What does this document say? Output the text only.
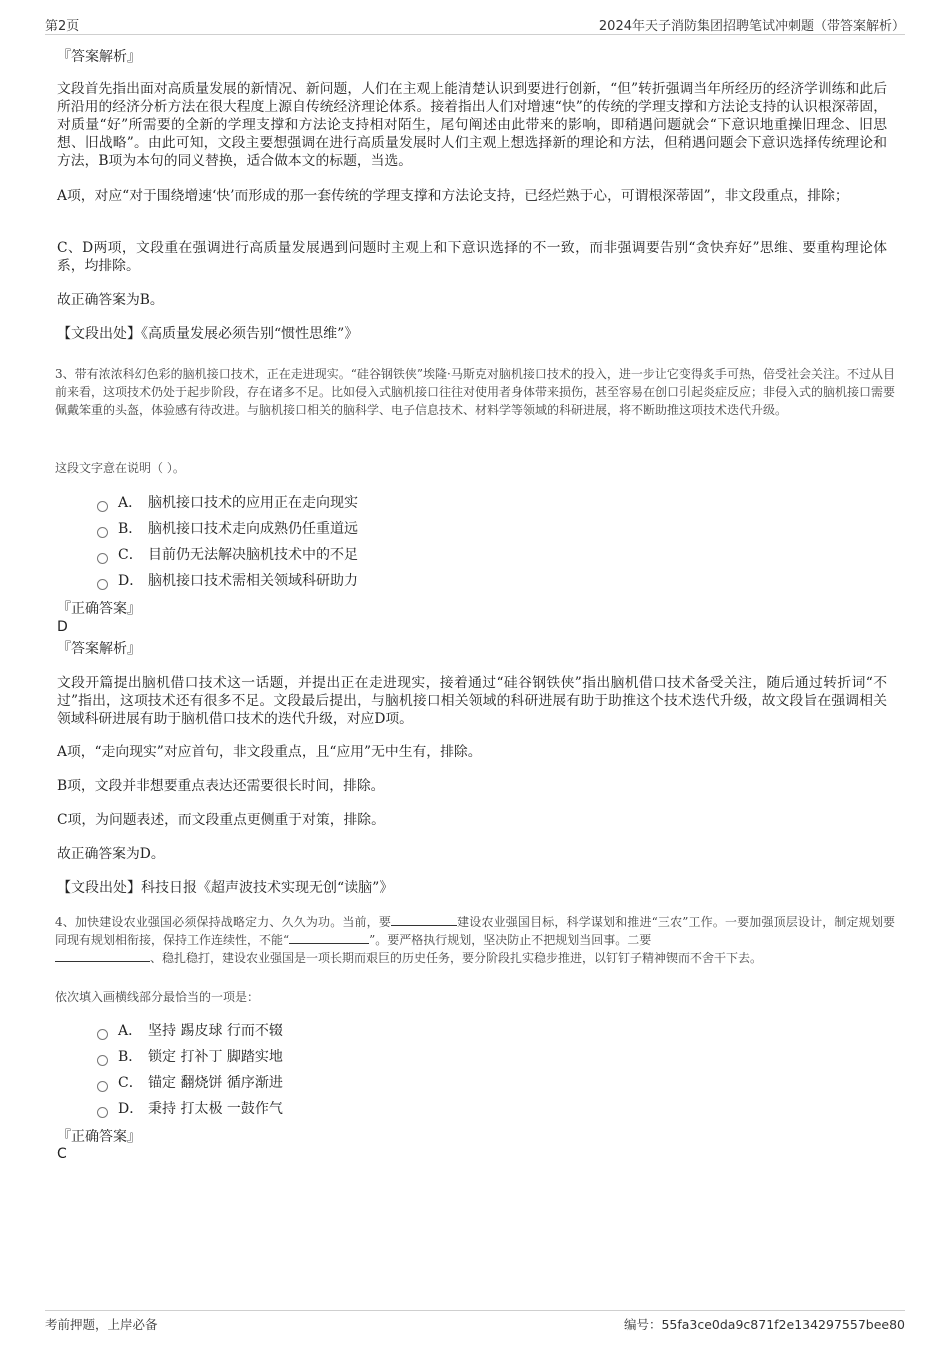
第2页	2024年天子消防集团招聘笔试冲刺题（带答案解析）
『答案解析』
文段首先指出面对高质量发展的新情况、新问题，人们在主观上能清楚认识到要进行创新，“但”转折强调当年所经历的经济学训练和此后所沿用的经济分析方法在很大程度上源自传统经济理论体系。接着指出人们对增速“快”的传统的学理支撑和方法论支持的认识根深蒂固，对质量“好”所需要的全新的学理支撑和方法论支持相对陌生，尾句阐述由此带来的影响，即稍遇问题就会“下意识地重操旧理念、旧思想、旧战略”。由此可知，文段主要想强调在进行高质量发展时人们主观上想选择新的理论和方法，但稍遇问题会下意识选择传统理论和方法，B项为本句的同义替换，适合做本文的标题，当选。
A项，对应“对于围绕增速‘快’而形成的那一套传统的学理支撑和方法论支持，已经烂熟于心，可谓根深蒂固”，非文段重点，排除；
C、D两项，文段重在强调进行高质量发展遇到问题时主观上和下意识选择的不一致，而非强调要告别“贪快弃好”思维、要重构理论体系，均排除。
故正确答案为B。
【文段出处】《高质量发展必须告别“惯性思维”》
3、带有浓浓科幻色彩的脑机接口技术，正在走进现实。“硅谷钢铁侠”埃隆·马斯克对脑机接口技术的投入，进一步让它变得炙手可热，倍受社会关注。不过从目前来看，这项技术仍处于起步阶段，存在诸多不足。比如侵入式脑机接口往往对使用者身体带来损伤，甚至容易在创口引起炎症反应；非侵入式的脑机接口需要佩戴笨重的头盔，体验感有待改进。与脑机接口相关的脑科学、电子信息技术、材料学等领域的科研进展，将不断助推这项技术迭代升级。
这段文字意在说明（ ）。
A． 脑机接口技术的应用正在走向现实
B． 脑机接口技术走向成熟仍任重道远
C． 目前仍无法解决脑机技术中的不足
D． 脑机接口技术需相关领域科研助力
『正确答案』
D
『答案解析』
文段开篇提出脑机借口技术这一话题，并提出正在走进现实，接着通过“硅谷钢铁侠”指出脑机借口技术备受关注，随后通过转折词“不过”指出，这项技术还有很多不足。文段最后提出，与脑机接口相关领域的科研进展有助于助推这个技术迭代升级，故文段旨在强调相关领域科研进展有助于脑机借口技术的迭代升级，对应D项。
A项，“走向现实”对应首句，非文段重点，且“应用”无中生有，排除。
B项，文段并非想要重点表达还需要很长时间，排除。
C项，为问题表述，而文段重点更侧重于对策，排除。
故正确答案为D。
【文段出处】科技日报《超声波技术实现无创“读脑”》
4、加快建设农业强国必须保持战略定力、久久为功。当前，要	建设农业强国目标，科学谋划和推进“三农”工作。一要加强顶层设计，制定规划要同现有规划相衔接，保持工作连续性，不能“	”。要严格执行规划，坚决防止不把规划当回事。二要
、稳扎稳打，建设农业强国是一项长期而艰巨的历史任务，要分阶段扎实稳步推进，以钉钉子精神锲而不舍干下去。
依次填入画横线部分最恰当的一项是：
A． 坚持 踢皮球 行而不辍
B． 锁定 打补丁 脚踏实地
C． 锚定 翻烧饼 循序渐进
D． 秉持 打太极 一鼓作气
『正确答案』
C
考前押题，上岸必备	编号：55fa3ce0da9c871f2e134297557bee80
